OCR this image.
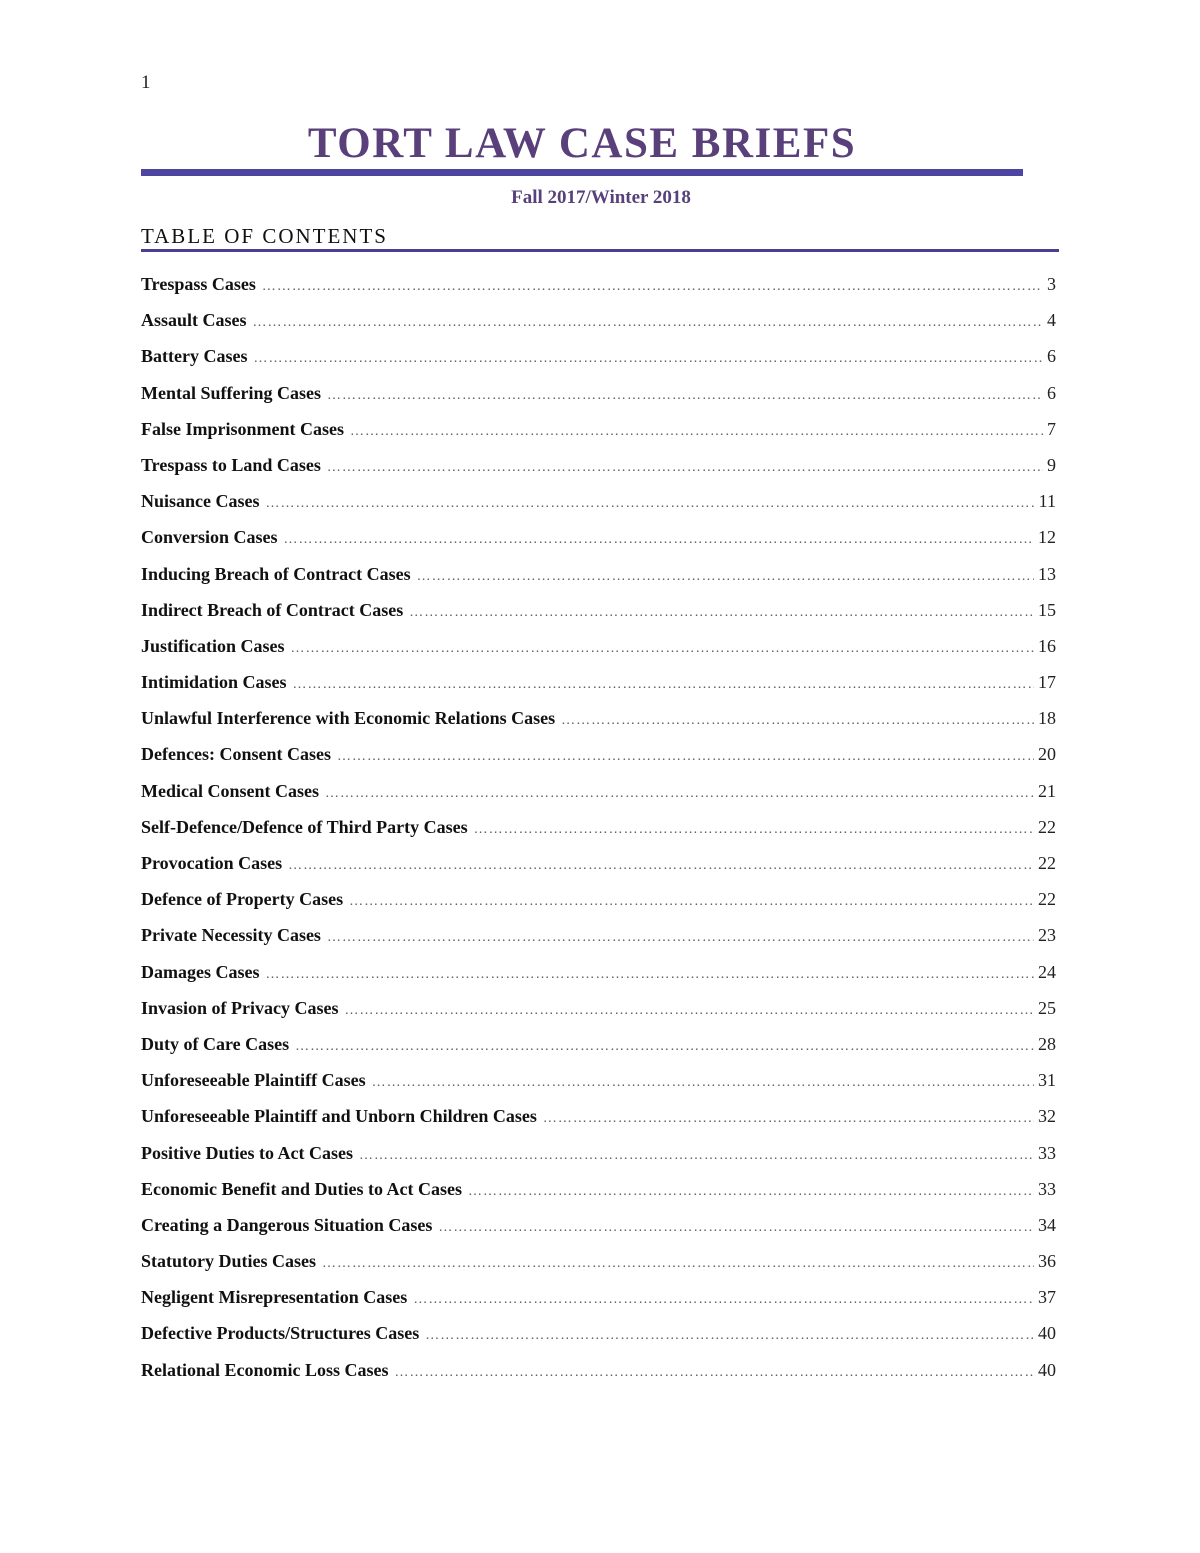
1
TORT LAW CASE BRIEFS
Fall 2017/Winter 2018
TABLE OF CONTENTS
Trespass Cases ………………………………………………………………………………………………………………………………………………………………………………………………………………………………………………………	3
Assault Cases ………………………………………………………………………………………………………………………………………………………………………………………………………………………………………………………	4
Battery Cases ………………………………………………………………………………………………………………………………………………………………………………………………………………………………………………………	6
Mental Suffering Cases ………………………………………………………………………………………………………………………………………………………………………………………………………………………………………………………	6
False Imprisonment Cases ………………………………………………………………………………………………………………………………………………………………………………………………………………………………………………………	7
Trespass to Land Cases ………………………………………………………………………………………………………………………………………………………………………………………………………………………………………………………	9
Nuisance Cases ………………………………………………………………………………………………………………………………………………………………………………………………………………………………………………………	11
Conversion Cases ………………………………………………………………………………………………………………………………………………………………………………………………………………………………………………………	12
Inducing Breach of Contract Cases ………………………………………………………………………………………………………………………………………………………………………………………………………………………………………………………	13
Indirect Breach of Contract Cases ………………………………………………………………………………………………………………………………………………………………………………………………………………………………………………………	15
Justification Cases ………………………………………………………………………………………………………………………………………………………………………………………………………………………………………………………	16
Intimidation Cases ………………………………………………………………………………………………………………………………………………………………………………………………………………………………………………………	17
Unlawful Interference with Economic Relations Cases ………………………………………………………………………………………………………………………………………………………………………………………………………………………………………………………	18
Defences: Consent Cases ………………………………………………………………………………………………………………………………………………………………………………………………………………………………………………………	20
Medical Consent Cases ………………………………………………………………………………………………………………………………………………………………………………………………………………………………………………………	21
Self-Defence/Defence of Third Party Cases ………………………………………………………………………………………………………………………………………………………………………………………………………………………………………………………	22
Provocation Cases ………………………………………………………………………………………………………………………………………………………………………………………………………………………………………………………	22
Defence of Property Cases ………………………………………………………………………………………………………………………………………………………………………………………………………………………………………………………	22
Private Necessity Cases ………………………………………………………………………………………………………………………………………………………………………………………………………………………………………………………	23
Damages Cases ………………………………………………………………………………………………………………………………………………………………………………………………………………………………………………………	24
Invasion of Privacy Cases ………………………………………………………………………………………………………………………………………………………………………………………………………………………………………………………	25
Duty of Care Cases ………………………………………………………………………………………………………………………………………………………………………………………………………………………………………………………	28
Unforeseeable Plaintiff Cases ………………………………………………………………………………………………………………………………………………………………………………………………………………………………………………………	31
Unforeseeable Plaintiff and Unborn Children Cases ………………………………………………………………………………………………………………………………………………………………………………………………………………………………………………………	32
Positive Duties to Act Cases ………………………………………………………………………………………………………………………………………………………………………………………………………………………………………………………	33
Economic Benefit and Duties to Act Cases ………………………………………………………………………………………………………………………………………………………………………………………………………………………………………………………	33
Creating a Dangerous Situation Cases ………………………………………………………………………………………………………………………………………………………………………………………………………………………………………………………	34
Statutory Duties Cases ………………………………………………………………………………………………………………………………………………………………………………………………………………………………………………………	36
Negligent Misrepresentation Cases ………………………………………………………………………………………………………………………………………………………………………………………………………………………………………………………	37
Defective Products/Structures Cases ………………………………………………………………………………………………………………………………………………………………………………………………………………………………………………………	40
Relational Economic Loss Cases ………………………………………………………………………………………………………………………………………………………………………………………………………………………………………………………	40
